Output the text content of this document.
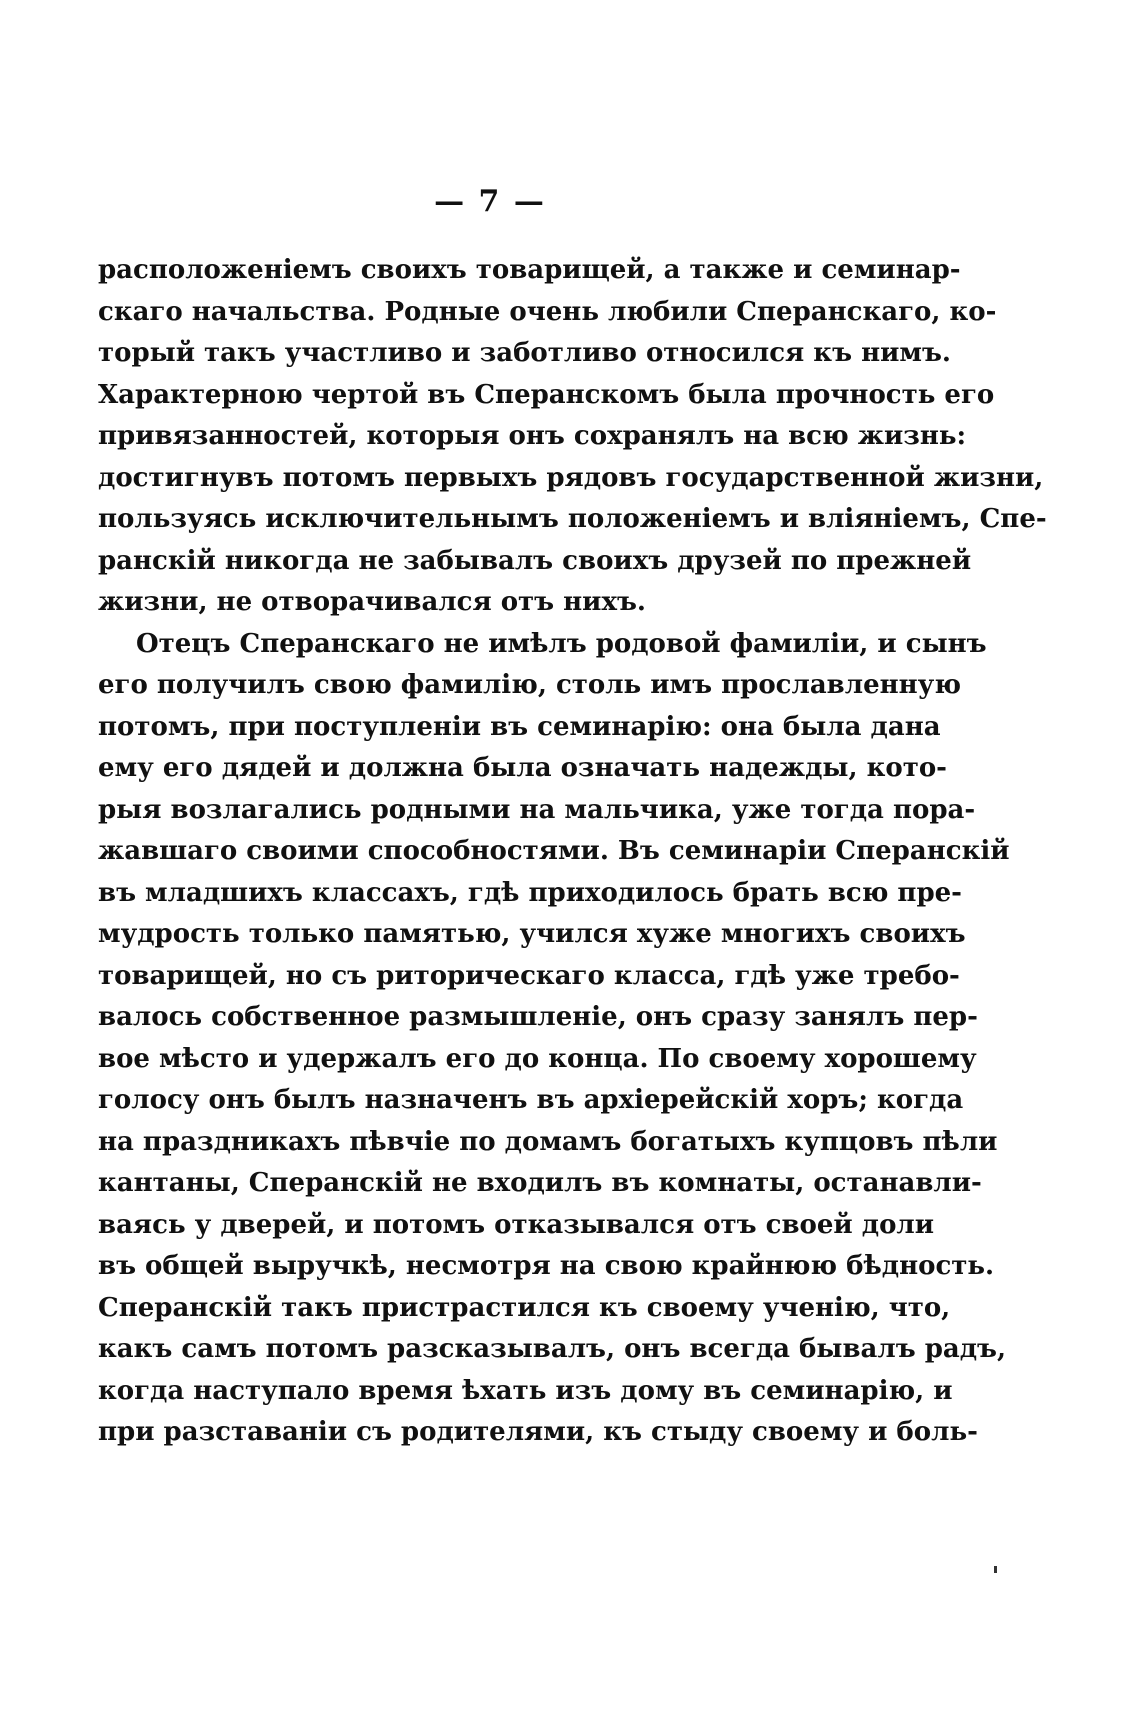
— 7 —
расположенiемъ своихъ товарищей, а также и семинар-
скаго начальства. Родные очень любили Сперанскаго, ко-
торый такъ участливо и заботливо относился къ нимъ.
Характерною чертой въ Сперанскомъ была прочность его
привязанностей, которыя онъ сохранялъ на всю жизнь:
достигнувъ потомъ первыхъ рядовъ государственной жизни,
пользуясь исключительнымъ положенiемъ и влiянiемъ, Спе-
ранскiй никогда не забывалъ своихъ друзей по прежней
жизни, не отворачивался отъ нихъ.
Отецъ Сперанскаго не имѣлъ родовой фамилiи, и сынъ
его получилъ свою фамилiю, столь имъ прославленную
потомъ, при поступленiи въ семинарiю: она была дана
ему его дядей и должна была означать надежды, кото-
рыя возлагались родными на мальчика, уже тогда пора-
жавшаго своими способностями. Въ семинарiи Сперанскiй
въ младшихъ классахъ, гдѣ приходилось брать всю пре-
мудрость только памятью, учился хуже многихъ своихъ
товарищей, но съ риторическаго класса, гдѣ уже требо-
валось собственное размышленiе, онъ сразу занялъ пер-
вое мѣсто и удержалъ его до конца. По своему хорошему
голосу онъ былъ назначенъ въ архiерейскiй хоръ; когда
на праздникахъ пѣвчiе по домамъ богатыхъ купцовъ пѣли
кантаны, Сперанскiй не входилъ въ комнаты, останавли-
ваясь у дверей, и потомъ отказывался отъ своей доли
въ общей выручкѣ, несмотря на свою крайнюю бѣдность.
Сперанскiй такъ пристрастился къ своему ученiю, что,
какъ самъ потомъ разсказывалъ, онъ всегда бывалъ радъ,
когда наступало время ѣхать изъ дому въ семинарiю, и
при разставанiи съ родителями, къ стыду своему и боль-
